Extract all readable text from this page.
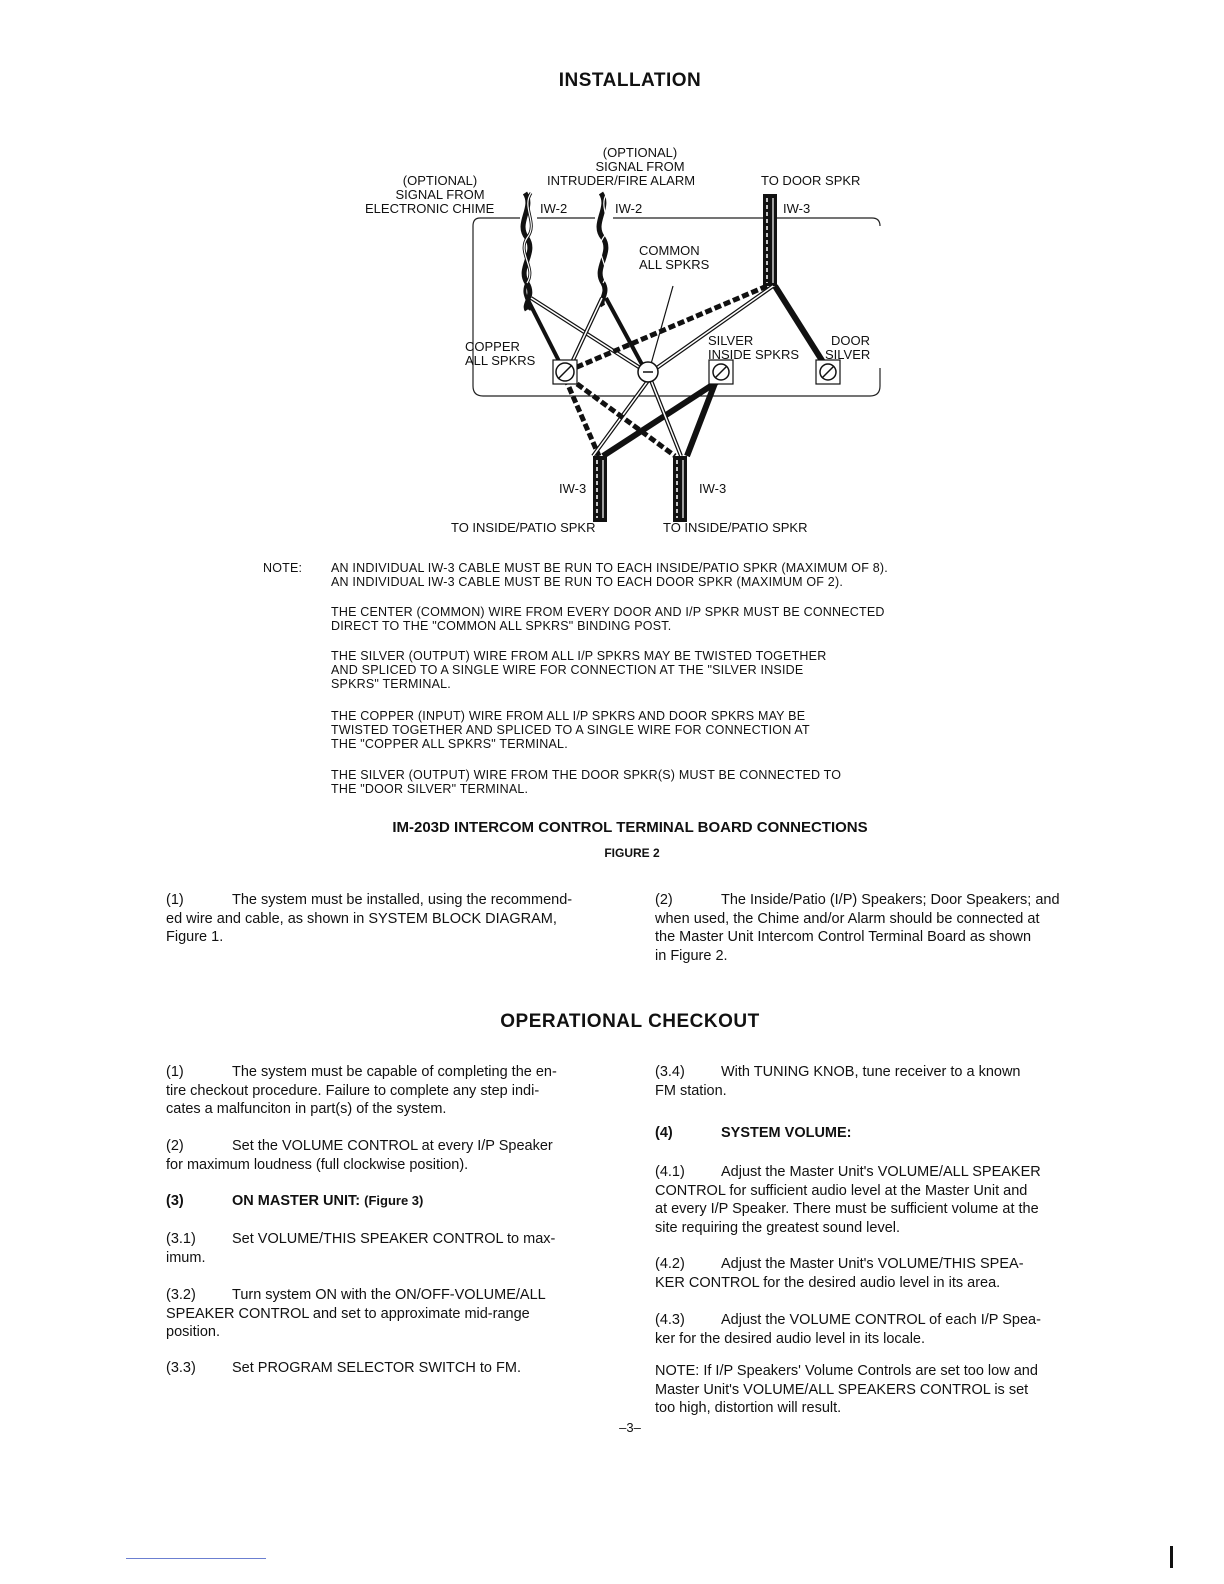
INSTALLATION
(OPTIONAL)
SIGNAL FROM
INTRUDER/FIRE ALARM
(OPTIONAL)
SIGNAL FROM
ELECTRONIC CHIME
TO DOOR SPKR
IW-2	IW-2	IW-3
COMMON
ALL SPKRS
COPPER
ALL SPKRS
SILVER
INSIDE SPKRS
DOOR
SILVER
IW-3	IW-3
TO INSIDE/PATIO SPKR	TO INSIDE/PATIO SPKR
NOTE: AN INDIVIDUAL IW-3 CABLE MUST BE RUN TO EACH INSIDE/PATIO SPKR (MAXIMUM OF 8).
AN INDIVIDUAL IW-3 CABLE MUST BE RUN TO EACH DOOR SPKR (MAXIMUM OF 2).
THE CENTER (COMMON) WIRE FROM EVERY DOOR AND I/P SPKR MUST BE CONNECTED
DIRECT TO THE "COMMON ALL SPKRS" BINDING POST.
THE SILVER (OUTPUT) WIRE FROM ALL I/P SPKRS MAY BE TWISTED TOGETHER
AND SPLICED TO A SINGLE WIRE FOR CONNECTION AT THE "SILVER INSIDE
SPKRS" TERMINAL.
THE COPPER (INPUT) WIRE FROM ALL I/P SPKRS AND DOOR SPKRS MAY BE
TWISTED TOGETHER AND SPLICED TO A SINGLE WIRE FOR CONNECTION AT
THE "COPPER ALL SPKRS" TERMINAL.
THE SILVER (OUTPUT) WIRE FROM THE DOOR SPKR(S) MUST BE CONNECTED TO
THE "DOOR SILVER" TERMINAL.
IM-203D INTERCOM CONTROL TERMINAL BOARD CONNECTIONS
FIGURE 2
(1)	The system must be installed, using the recommend-
ed wire and cable, as shown in SYSTEM BLOCK DIAGRAM,
Figure 1.
(2)	The Inside/Patio (I/P) Speakers; Door Speakers; and
when used, the Chime and/or Alarm should be connected at
the Master Unit Intercom Control Terminal Board as shown
in Figure 2.
OPERATIONAL CHECKOUT
(1)	The system must be capable of completing the en-
tire checkout procedure. Failure to complete any step indi-
cates a malfunciton in part(s) of the system.
(2)	Set the VOLUME CONTROL at every I/P Speaker
for maximum loudness (full clockwise position).
(3)	ON MASTER UNIT: (Figure 3)
(3.1) Set VOLUME/THIS SPEAKER CONTROL to max-
imum.
(3.2) Turn system ON with the ON/OFF-VOLUME/ALL
SPEAKER CONTROL and set to approximate mid-range
position.
(3.3) Set PROGRAM SELECTOR SWITCH to FM.
(3.4) With TUNING KNOB, tune receiver to a known
FM station.
(4)	SYSTEM VOLUME:
(4.1) Adjust the Master Unit's VOLUME/ALL SPEAKER
CONTROL for sufficient audio level at the Master Unit and
at every I/P Speaker. There must be sufficient volume at the
site requiring the greatest sound level.
(4.2) Adjust the Master Unit's VOLUME/THIS SPEA-
KER CONTROL for the desired audio level in its area.
(4.3) Adjust the VOLUME CONTROL of each I/P Spea-
ker for the desired audio level in its locale.
NOTE: If I/P Speakers' Volume Controls are set too low and
Master Unit's VOLUME/ALL SPEAKERS CONTROL is set
too high, distortion will result.
–3–
